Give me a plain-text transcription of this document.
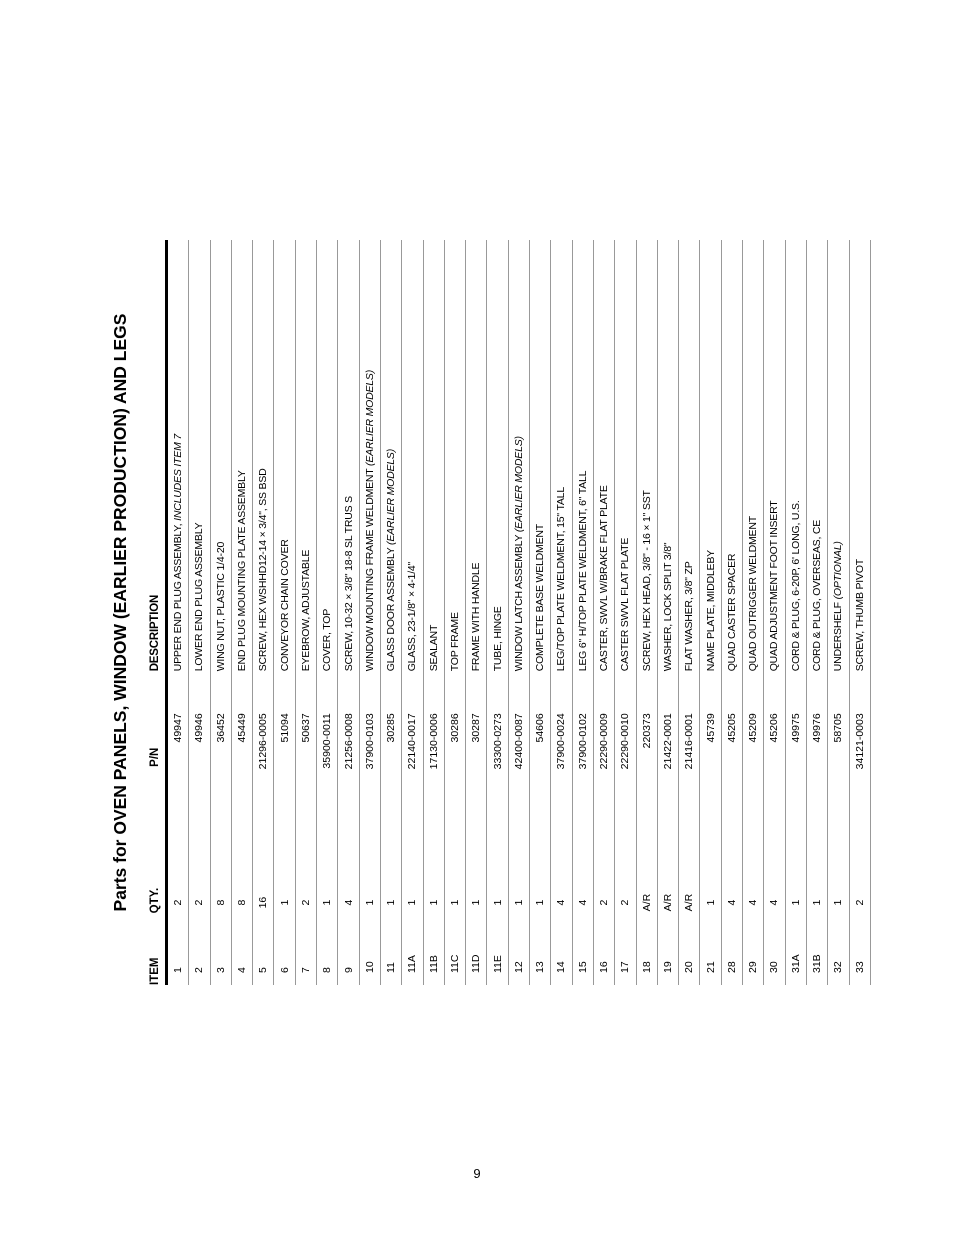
Parts for OVEN PANELS, WINDOW (EARLIER PRODUCTION) AND LEGS
ITEM	QTY.	P/N	DESCRIPTION
1	2	49947	UPPER END PLUG ASSEMBLY, INCLUDES ITEM 7
2	2	49946	LOWER END PLUG ASSEMBLY
3	8	36452	WING NUT, PLASTIC 1/4-20
4	8	45449	END PLUG MOUNTING PLATE ASSEMBLY
5	16	21296-0005	SCREW, HEX WSHHD12-14 × 3/4", SS BSD
6	1	51094	CONVEYOR CHAIN COVER
7	2	50637	EYEBROW, ADJUSTABLE
8	1	35900-0011	COVER, TOP
9	4	21256-0008	SCREW, 10-32 × 3/8" 18-8 SL TRUS S
10	1	37900-0103	WINDOW MOUNTING FRAME WELDMENT (EARLIER MODELS)
11	1	30285	GLASS DOOR ASSEMBLY (EARLIER MODELS)
11A	1	22140-0017	GLASS, 23-1/8" × 4-1/4"
11B	1	17130-0006	SEALANT
11C	1	30286	TOP FRAME
11D	1	30287	FRAME WITH HANDLE
11E	1	33300-0273	TUBE, HINGE
12	1	42400-0087	WINDOW LATCH ASSEMBLY (EARLIER MODELS)
13	1	54606	COMPLETE BASE WELDMENT
14	4	37900-0024	LEG/TOP PLATE WELDMENT, 15" TALL
15	4	37900-0102	LEG 6" H/TOP PLATE WELDMENT, 6" TALL
16	2	22290-0009	CASTER, SWVL W/BRAKE FLAT PLATE
17	2	22290-0010	CASTER SWVL FLAT PLATE
18	A/R	220373	SCREW, HEX HEAD, 3/8" - 16 × 1" SST
19	A/R	21422-0001	WASHER, LOCK SPLIT 3/8"
20	A/R	21416-0001	FLAT WASHER, 3/8" ZP
21	1	45739	NAME PLATE, MIDDLEBY
28	4	45205	QUAD CASTER SPACER
29	4	45209	QUAD OUTRIGGER WELDMENT
30	4	45206	QUAD ADJUSTMENT FOOT INSERT
31A	1	49975	CORD & PLUG, 6-20P, 6' LONG, U.S.
31B	1	49976	CORD & PLUG, OVERSEAS, CE
32	1	58705	UNDERSHELF (OPTIONAL)
33	2	34121-0003	SCREW, THUMB PIVOT
9
